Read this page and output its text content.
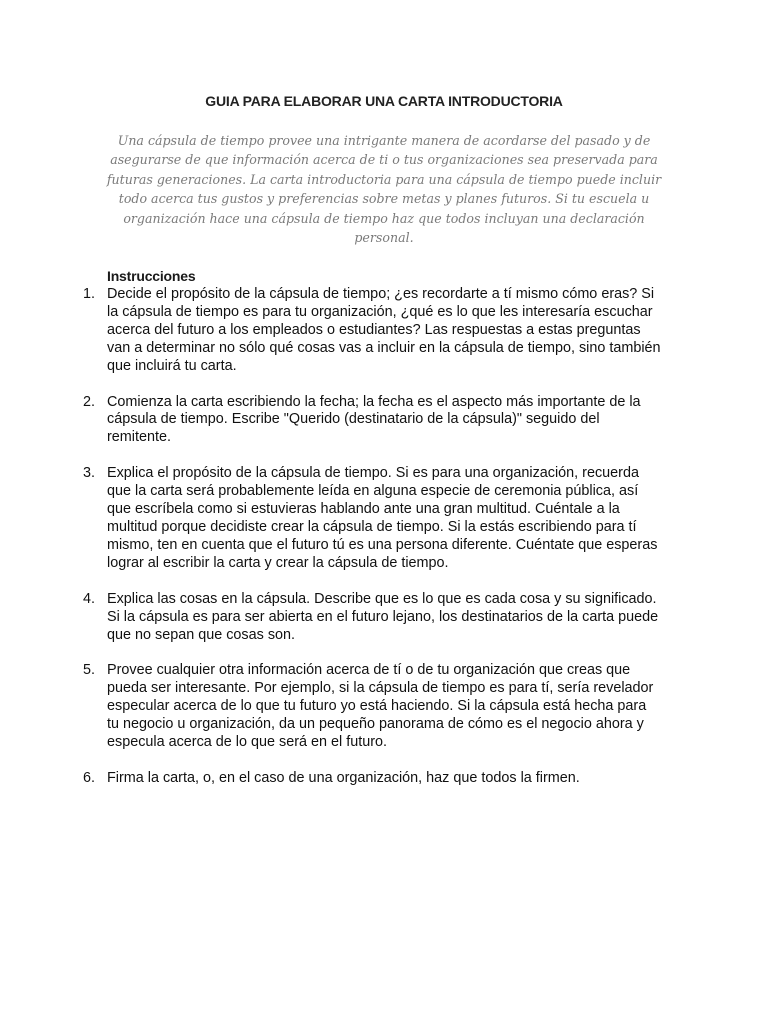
GUIA PARA ELABORAR UNA CARTA INTRODUCTORIA

Una cápsula de tiempo provee una intrigante manera de acordarse del pasado y de asegurarse de que información acerca de ti o tus organizaciones sea preservada para futuras generaciones. La carta introductoria para una cápsula de tiempo puede incluir todo acerca tus gustos y preferencias sobre metas y planes futuros. Si tu escuela u organización hace una cápsula de tiempo haz que todos incluyan una declaración personal.

Instrucciones
1. Decide el propósito de la cápsula de tiempo; ¿es recordarte a tí mismo cómo eras? Si la cápsula de tiempo es para tu organización, ¿qué es lo que les interesaría escuchar acerca del futuro a los empleados o estudiantes? Las respuestas a estas preguntas van a determinar no sólo qué cosas vas a incluir en la cápsula de tiempo, sino también que incluirá tu carta.
2. Comienza la carta escribiendo la fecha; la fecha es el aspecto más importante de la cápsula de tiempo. Escribe "Querido (destinatario de la cápsula)" seguido del remitente.
3. Explica el propósito de la cápsula de tiempo. Si es para una organización, recuerda que la carta será probablemente leída en alguna especie de ceremonia pública, así que escríbela como si estuvieras hablando ante una gran multitud. Cuéntale a la multitud porque decidiste crear la cápsula de tiempo. Si la estás escribiendo para tí mismo, ten en cuenta que el futuro tú es una persona diferente. Cuéntate que esperas lograr al escribir la carta y crear la cápsula de tiempo.
4. Explica las cosas en la cápsula. Describe que es lo que es cada cosa y su significado. Si la cápsula es para ser abierta en el futuro lejano, los destinatarios de la carta puede que no sepan que cosas son.
5. Provee cualquier otra información acerca de tí o de tu organización que creas que pueda ser interesante. Por ejemplo, si la cápsula de tiempo es para tí, sería revelador especular acerca de lo que tu futuro yo está haciendo. Si la cápsula está hecha para tu negocio u organización, da un pequeño panorama de cómo es el negocio ahora y especula acerca de lo que será en el futuro.
6. Firma la carta, o, en el caso de una organización, haz que todos la firmen.
